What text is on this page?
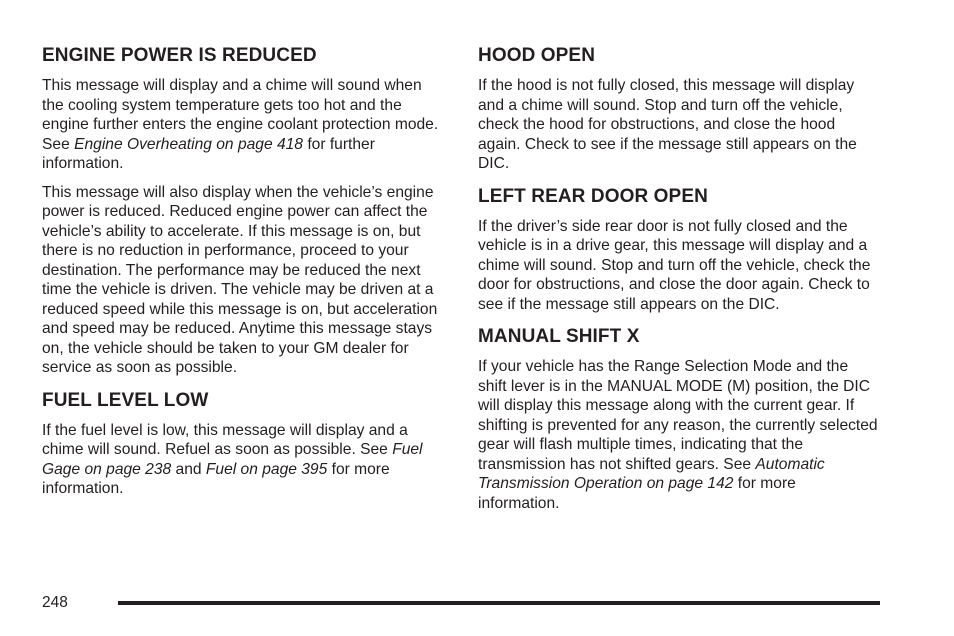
ENGINE POWER IS REDUCED

This message will display and a chime will sound when the cooling system temperature gets too hot and the engine further enters the engine coolant protection mode. See Engine Overheating on page 418 for further information.

This message will also display when the vehicle’s engine power is reduced. Reduced engine power can affect the vehicle’s ability to accelerate. If this message is on, but there is no reduction in performance, proceed to your destination. The performance may be reduced the next time the vehicle is driven. The vehicle may be driven at a reduced speed while this message is on, but acceleration and speed may be reduced. Anytime this message stays on, the vehicle should be taken to your GM dealer for service as soon as possible.

FUEL LEVEL LOW

If the fuel level is low, this message will display and a chime will sound. Refuel as soon as possible. See Fuel Gage on page 238 and Fuel on page 395 for more information.

HOOD OPEN

If the hood is not fully closed, this message will display and a chime will sound. Stop and turn off the vehicle, check the hood for obstructions, and close the hood again. Check to see if the message still appears on the DIC.

LEFT REAR DOOR OPEN

If the driver’s side rear door is not fully closed and the vehicle is in a drive gear, this message will display and a chime will sound. Stop and turn off the vehicle, check the door for obstructions, and close the door again. Check to see if the message still appears on the DIC.

MANUAL SHIFT X

If your vehicle has the Range Selection Mode and the shift lever is in the MANUAL MODE (M) position, the DIC will display this message along with the current gear. If shifting is prevented for any reason, the currently selected gear will flash multiple times, indicating that the transmission has not shifted gears. See Automatic Transmission Operation on page 142 for more information.

248
